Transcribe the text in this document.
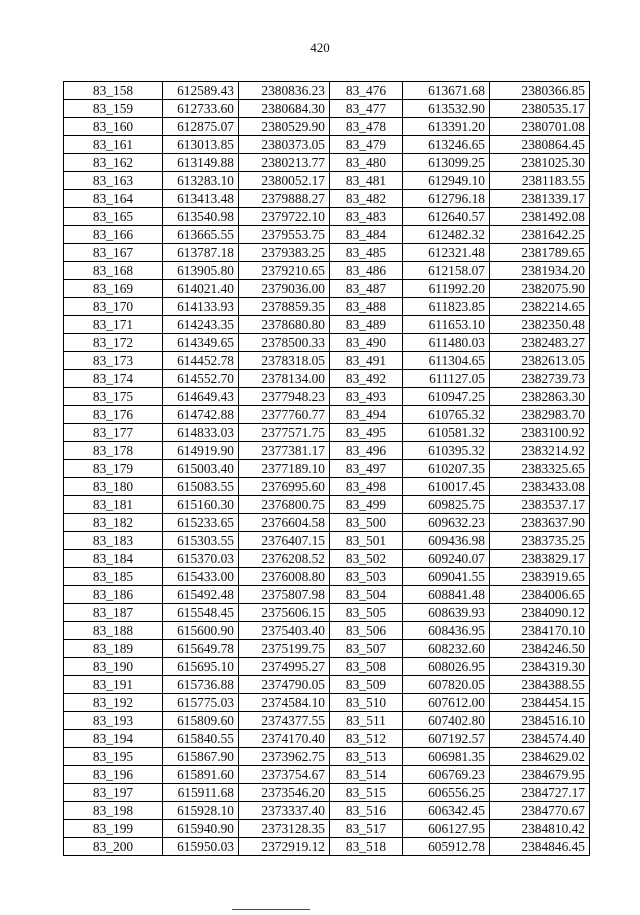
420
83_158	612589.43	2380836.23	83_476	613671.68	2380366.85
83_159	612733.60	2380684.30	83_477	613532.90	2380535.17
83_160	612875.07	2380529.90	83_478	613391.20	2380701.08
83_161	613013.85	2380373.05	83_479	613246.65	2380864.45
83_162	613149.88	2380213.77	83_480	613099.25	2381025.30
83_163	613283.10	2380052.17	83_481	612949.10	2381183.55
83_164	613413.48	2379888.27	83_482	612796.18	2381339.17
83_165	613540.98	2379722.10	83_483	612640.57	2381492.08
83_166	613665.55	2379553.75	83_484	612482.32	2381642.25
83_167	613787.18	2379383.25	83_485	612321.48	2381789.65
83_168	613905.80	2379210.65	83_486	612158.07	2381934.20
83_169	614021.40	2379036.00	83_487	611992.20	2382075.90
83_170	614133.93	2378859.35	83_488	611823.85	2382214.65
83_171	614243.35	2378680.80	83_489	611653.10	2382350.48
83_172	614349.65	2378500.33	83_490	611480.03	2382483.27
83_173	614452.78	2378318.05	83_491	611304.65	2382613.05
83_174	614552.70	2378134.00	83_492	611127.05	2382739.73
83_175	614649.43	2377948.23	83_493	610947.25	2382863.30
83_176	614742.88	2377760.77	83_494	610765.32	2382983.70
83_177	614833.03	2377571.75	83_495	610581.32	2383100.92
83_178	614919.90	2377381.17	83_496	610395.32	2383214.92
83_179	615003.40	2377189.10	83_497	610207.35	2383325.65
83_180	615083.55	2376995.60	83_498	610017.45	2383433.08
83_181	615160.30	2376800.75	83_499	609825.75	2383537.17
83_182	615233.65	2376604.58	83_500	609632.23	2383637.90
83_183	615303.55	2376407.15	83_501	609436.98	2383735.25
83_184	615370.03	2376208.52	83_502	609240.07	2383829.17
83_185	615433.00	2376008.80	83_503	609041.55	2383919.65
83_186	615492.48	2375807.98	83_504	608841.48	2384006.65
83_187	615548.45	2375606.15	83_505	608639.93	2384090.12
83_188	615600.90	2375403.40	83_506	608436.95	2384170.10
83_189	615649.78	2375199.75	83_507	608232.60	2384246.50
83_190	615695.10	2374995.27	83_508	608026.95	2384319.30
83_191	615736.88	2374790.05	83_509	607820.05	2384388.55
83_192	615775.03	2374584.10	83_510	607612.00	2384454.15
83_193	615809.60	2374377.55	83_511	607402.80	2384516.10
83_194	615840.55	2374170.40	83_512	607192.57	2384574.40
83_195	615867.90	2373962.75	83_513	606981.35	2384629.02
83_196	615891.60	2373754.67	83_514	606769.23	2384679.95
83_197	615911.68	2373546.20	83_515	606556.25	2384727.17
83_198	615928.10	2373337.40	83_516	606342.45	2384770.67
83_199	615940.90	2373128.35	83_517	606127.95	2384810.42
83_200	615950.03	2372919.12	83_518	605912.78	2384846.45
